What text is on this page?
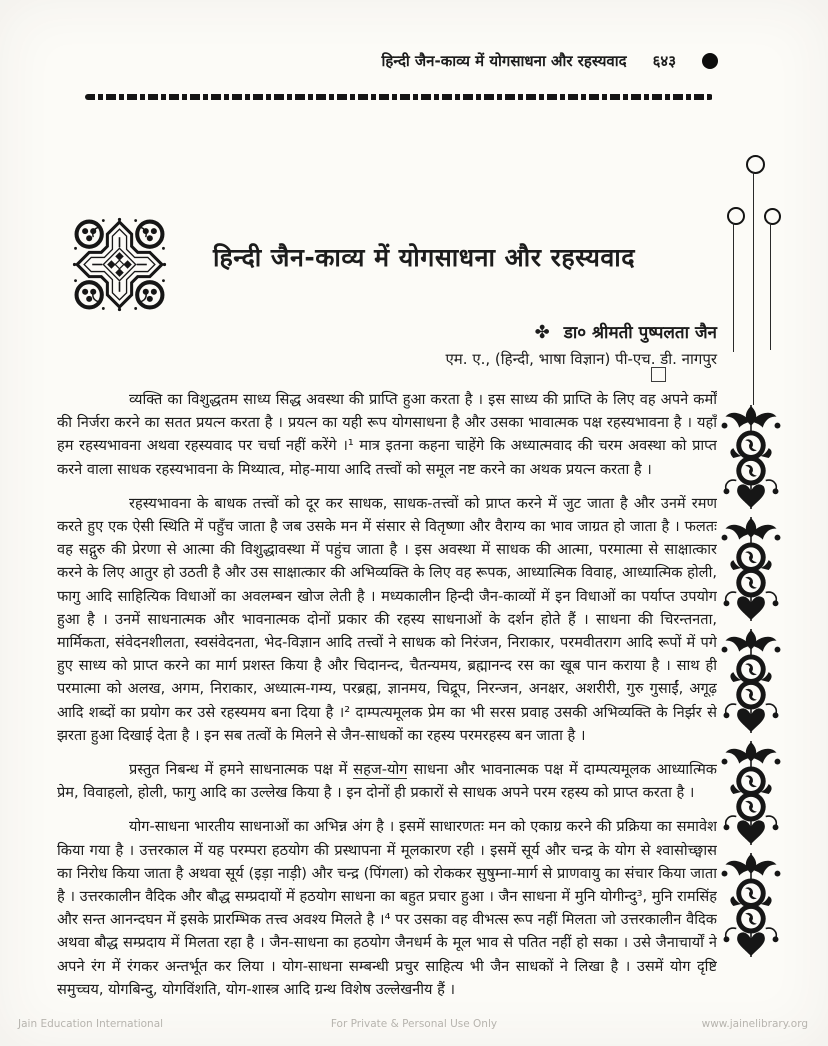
हिन्दी जैन-काव्य में योगसाधना और रहस्यवाद ६४३
हिन्दी जैन-काव्य में योगसाधना और रहस्यवाद
✤ डा० श्रीमती पुष्पलता जैन
एम. ए., (हिन्दी, भाषा विज्ञान) पी-एच. डी. नागपुर

व्यक्ति का विशुद्धतम साध्य सिद्ध अवस्था की प्राप्ति हुआ करता है । इस साध्य की प्राप्ति के लिए वह अपने कर्मों की निर्जरा करने का सतत प्रयत्न करता है । प्रयत्न का यही रूप योगसाधना है और उसका भावात्मक पक्ष रहस्यभावना है । यहाँ हम रहस्यभावना अथवा रहस्यवाद पर चर्चा नहीं करेंगे ।¹ मात्र इतना कहना चाहेंगे कि अध्यात्मवाद की चरम अवस्था को प्राप्त करने वाला साधक रहस्यभावना के मिथ्यात्व, मोह-माया आदि तत्त्वों को समूल नष्ट करने का अथक प्रयत्न करता है ।

रहस्यभावना के बाधक तत्त्वों को दूर कर साधक, साधक-तत्त्वों को प्राप्त करने में जुट जाता है और उनमें रमण करते हुए एक ऐसी स्थिति में पहुँच जाता है जब उसके मन में संसार से वितृष्णा और वैराग्य का भाव जाग्रत हो जाता है । फलतः वह सद्गुरु की प्रेरणा से आत्मा की विशुद्धावस्था में पहुंच जाता है । इस अवस्था में साधक की आत्मा, परमात्मा से साक्षात्कार करने के लिए आतुर हो उठती है और उस साक्षात्कार की अभिव्यक्ति के लिए वह रूपक, आध्यात्मिक विवाह, आध्यात्मिक होली, फागु आदि साहित्यिक विधाओं का अवलम्बन खोज लेती है । मध्यकालीन हिन्दी जैन-काव्यों में इन विधाओं का पर्याप्त उपयोग हुआ है । उनमें साधनात्मक और भावनात्मक दोनों प्रकार की रहस्य साधनाओं के दर्शन होते हैं । साधना की चिरन्तनता, मार्मिकता, संवेदनशीलता, स्वसंवेदनता, भेद-विज्ञान आदि तत्त्वों ने साधक को निरंजन, निराकार, परमवीतराग आदि रूपों में पगे हुए साध्य को प्राप्त करने का मार्ग प्रशस्त किया है और चिदानन्द, चैतन्यमय, ब्रह्मानन्द रस का खूब पान कराया है । साथ ही परमात्मा को अलख, अगम, निराकार, अध्यात्म-गम्य, परब्रह्म, ज्ञानमय, चिद्रूप, निरन्जन, अनक्षर, अशरीरी, गुरु गुसाईं, अगूढ़ आदि शब्दों का प्रयोग कर उसे रहस्यमय बना दिया है ।² दाम्पत्यमूलक प्रेम का भी सरस प्रवाह उसकी अभिव्यक्ति के निर्झर से झरता हुआ दिखाई देता है । इन सब तत्वों के मिलने से जैन-साधकों का रहस्य परमरहस्य बन जाता है ।

प्रस्तुत निबन्ध में हमने साधनात्मक पक्ष में सहज-योग साधना और भावनात्मक पक्ष में दाम्पत्यमूलक आध्यात्मिक प्रेम, विवाहलो, होली, फागु आदि का उल्लेख किया है । इन दोनों ही प्रकारों से साधक अपने परम रहस्य को प्राप्त करता है ।

योग-साधना भारतीय साधनाओं का अभिन्न अंग है । इसमें साधारणतः मन को एकाग्र करने की प्रक्रिया का समावेश किया गया है । उत्तरकाल में यह परम्परा हठयोग की प्रस्थापना में मूलकारण रही । इसमें सूर्य और चन्द्र के योग से श्वासोच्छ्वास का निरोध किया जाता है अथवा सूर्य (इड़ा नाड़ी) और चन्द्र (पिंगला) को रोककर सुषुम्ना-मार्ग से प्राणवायु का संचार किया जाता है । उत्तरकालीन वैदिक और बौद्ध सम्प्रदायों में हठयोग साधना का बहुत प्रचार हुआ । जैन साधना में मुनि योगीन्दु³, मुनि रामसिंह और सन्त आनन्दघन में इसके प्रारम्भिक तत्त्व अवश्य मिलते है ।⁴ पर उसका वह वीभत्स रूप नहीं मिलता जो उत्तरकालीन वैदिक अथवा बौद्ध सम्प्रदाय में मिलता रहा है । जैन-साधना का हठयोग जैनधर्म के मूल भाव से पतित नहीं हो सका । उसे जैनाचार्यों ने अपने रंग में रंगकर अन्तर्भूत कर लिया । योग-साधना सम्बन्धी प्रचुर साहित्य भी जैन साधकों ने लिखा है । उसमें योग दृष्टि समुच्चय, योगबिन्दु, योगविंशति, योग-शास्त्र आदि ग्रन्थ विशेष उल्लेखनीय हैं ।

Jain Education International	For Private & Personal Use Only	www.jainelibrary.org
